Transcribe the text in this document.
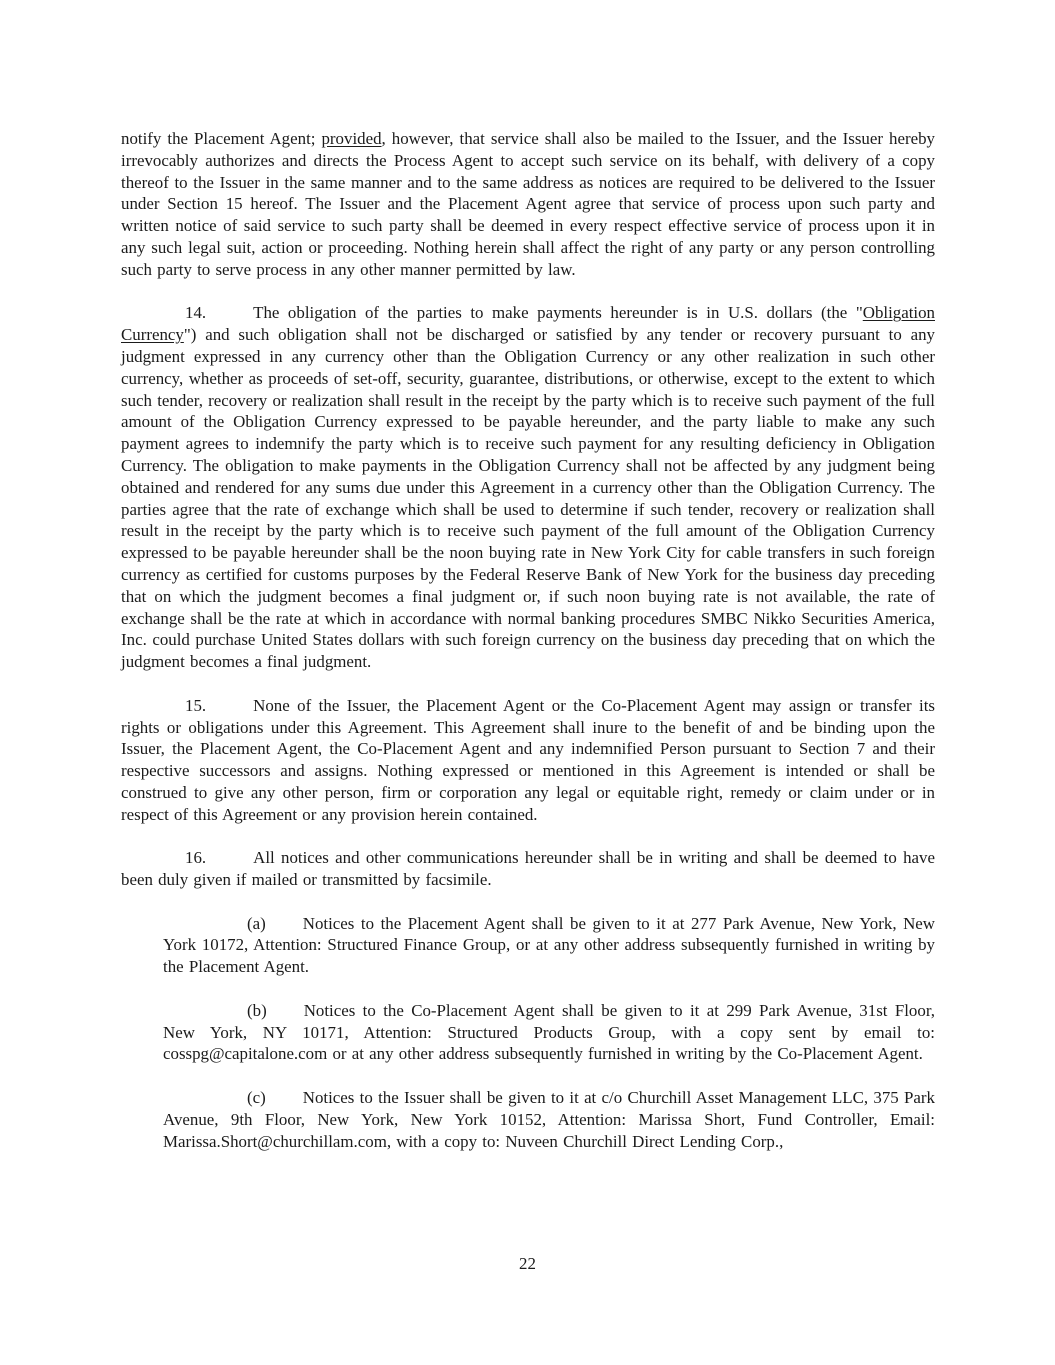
notify the Placement Agent; provided, however, that service shall also be mailed to the Issuer, and the Issuer hereby irrevocably authorizes and directs the Process Agent to accept such service on its behalf, with delivery of a copy thereof to the Issuer in the same manner and to the same address as notices are required to be delivered to the Issuer under Section 15 hereof. The Issuer and the Placement Agent agree that service of process upon such party and written notice of said service to such party shall be deemed in every respect effective service of process upon it in any such legal suit, action or proceeding. Nothing herein shall affect the right of any party or any person controlling such party to serve process in any other manner permitted by law.

14.	The obligation of the parties to make payments hereunder is in U.S. dollars (the "Obligation Currency") and such obligation shall not be discharged or satisfied by any tender or recovery pursuant to any judgment expressed in any currency other than the Obligation Currency or any other realization in such other currency, whether as proceeds of set-off, security, guarantee, distributions, or otherwise, except to the extent to which such tender, recovery or realization shall result in the receipt by the party which is to receive such payment of the full amount of the Obligation Currency expressed to be payable hereunder, and the party liable to make any such payment agrees to indemnify the party which is to receive such payment for any resulting deficiency in Obligation Currency. The obligation to make payments in the Obligation Currency shall not be affected by any judgment being obtained and rendered for any sums due under this Agreement in a currency other than the Obligation Currency. The parties agree that the rate of exchange which shall be used to determine if such tender, recovery or realization shall result in the receipt by the party which is to receive such payment of the full amount of the Obligation Currency expressed to be payable hereunder shall be the noon buying rate in New York City for cable transfers in such foreign currency as certified for customs purposes by the Federal Reserve Bank of New York for the business day preceding that on which the judgment becomes a final judgment or, if such noon buying rate is not available, the rate of exchange shall be the rate at which in accordance with normal banking procedures SMBC Nikko Securities America, Inc. could purchase United States dollars with such foreign currency on the business day preceding that on which the judgment becomes a final judgment.

15.	None of the Issuer, the Placement Agent or the Co-Placement Agent may assign or transfer its rights or obligations under this Agreement. This Agreement shall inure to the benefit of and be binding upon the Issuer, the Placement Agent, the Co-Placement Agent and any indemnified Person pursuant to Section 7 and their respective successors and assigns. Nothing expressed or mentioned in this Agreement is intended or shall be construed to give any other person, firm or corporation any legal or equitable right, remedy or claim under or in respect of this Agreement or any provision herein contained.

16.	All notices and other communications hereunder shall be in writing and shall be deemed to have been duly given if mailed or transmitted by facsimile.

(a) Notices to the Placement Agent shall be given to it at 277 Park Avenue, New York, New York 10172, Attention: Structured Finance Group, or at any other address subsequently furnished in writing by the Placement Agent.

(b) Notices to the Co-Placement Agent shall be given to it at 299 Park Avenue, 31st Floor, New York, NY 10171, Attention: Structured Products Group, with a copy sent by email to: cosspg@capitalone.com or at any other address subsequently furnished in writing by the Co-Placement Agent.

(c) Notices to the Issuer shall be given to it at c/o Churchill Asset Management LLC, 375 Park Avenue, 9th Floor, New York, New York 10152, Attention: Marissa Short, Fund Controller, Email: Marissa.Short@churchillam.com, with a copy to: Nuveen Churchill Direct Lending Corp.,

22
